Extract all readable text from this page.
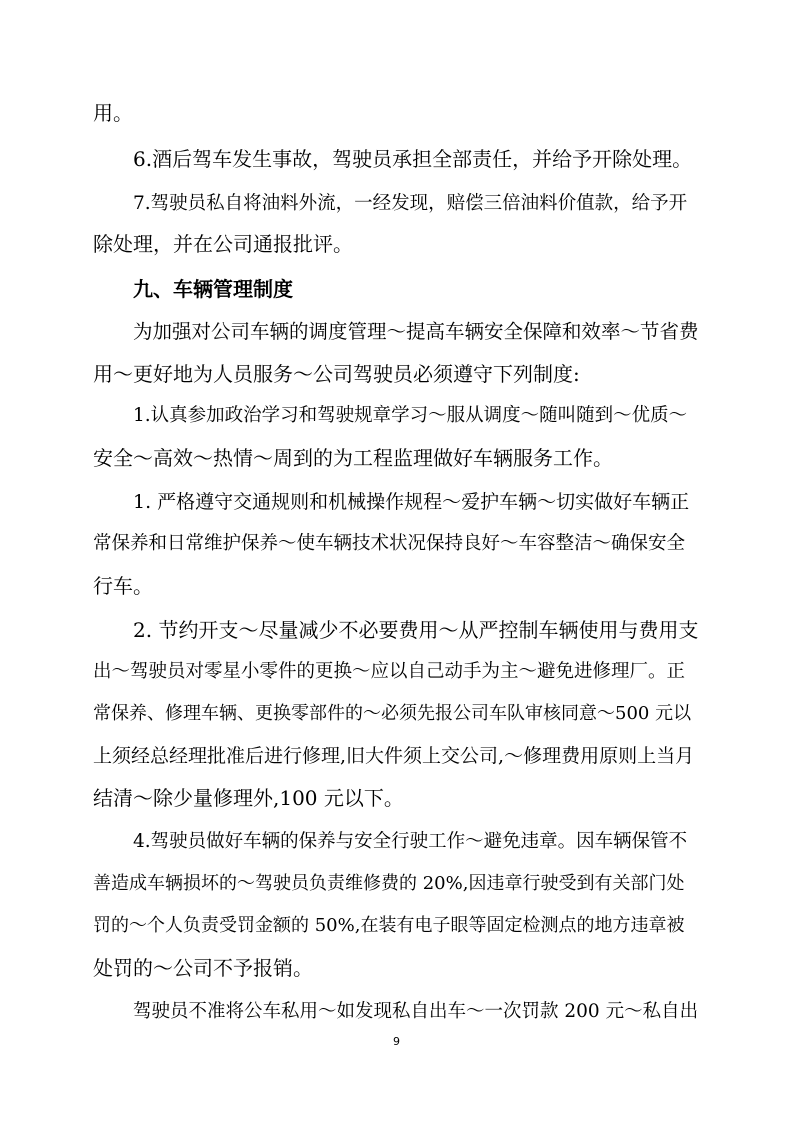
用。
6.酒后驾车发生事故，驾驶员承担全部责任，并给予开除处理。
7.驾驶员私自将油料外流，一经发现，赔偿三倍油料价值款，给予开
除处理，并在公司通报批评。
九、车辆管理制度
为加强对公司车辆的调度管理～提高车辆安全保障和效率～节省费
用～更好地为人员服务～公司驾驶员必须遵守下列制度:
1.认真参加政治学习和驾驶规章学习～服从调度～随叫随到～优质～
安全～高效～热情～周到的为工程监理做好车辆服务工作。
1. 严格遵守交通规则和机械操作规程～爱护车辆～切实做好车辆正
常保养和日常维护保养～使车辆技术状况保持良好～车容整洁～确保安全
行车。
2. 节约开支～尽量减少不必要费用～从严控制车辆使用与费用支
出～驾驶员对零星小零件的更换～应以自己动手为主～避免进修理厂。正
常保养、修理车辆、更换零部件的～必须先报公司车队审核同意～500 元以
上须经总经理批准后进行修理,旧大件须上交公司,～修理费用原则上当月
结清～除少量修理外,100 元以下。
4.驾驶员做好车辆的保养与安全行驶工作～避免违章。因车辆保管不
善造成车辆损坏的～驾驶员负责维修费的 20%,因违章行驶受到有关部门处
罚的～个人负责受罚金额的 50%,在装有电子眼等固定检测点的地方违章被
处罚的～公司不予报销。
驾驶员不准将公车私用～如发现私自出车～一次罚款 200 元～私自出
9
